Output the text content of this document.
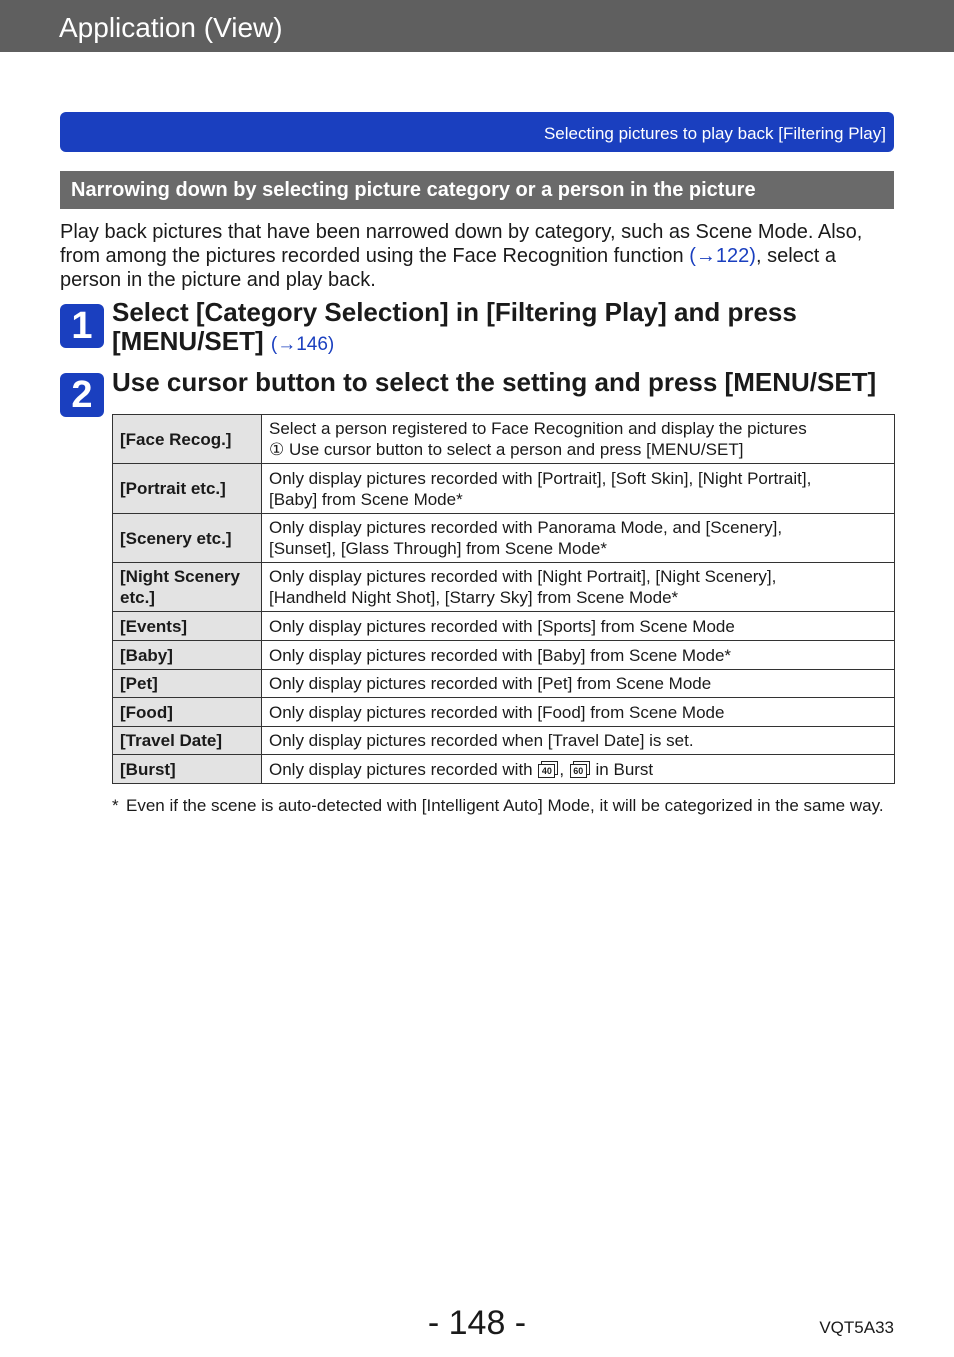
Application (View)
Selecting pictures to play back [Filtering Play]
Narrowing down by selecting picture category or a person in the picture
Play back pictures that have been narrowed down by category, such as Scene Mode. Also, from among the pictures recorded using the Face Recognition function (→122), select a person in the picture and play back.
1 Select [Category Selection] in [Filtering Play] and press [MENU/SET] (→146)
2 Use cursor button to select the setting and press [MENU/SET]
[Face Recog.]	Select a person registered to Face Recognition and display the pictures
① Use cursor button to select a person and press [MENU/SET]
[Portrait etc.]	Only display pictures recorded with [Portrait], [Soft Skin], [Night Portrait],
[Baby] from Scene Mode*
[Scenery etc.]	Only display pictures recorded with Panorama Mode, and [Scenery],
[Sunset], [Glass Through] from Scene Mode*
[Night Scenery etc.]	Only display pictures recorded with [Night Portrait], [Night Scenery],
[Handheld Night Shot], [Starry Sky] from Scene Mode*
[Events]	Only display pictures recorded with [Sports] from Scene Mode
[Baby]	Only display pictures recorded with [Baby] from Scene Mode*
[Pet]	Only display pictures recorded with [Pet] from Scene Mode
[Food]	Only display pictures recorded with [Food] from Scene Mode
[Travel Date]	Only display pictures recorded when [Travel Date] is set.
[Burst]	Only display pictures recorded with 40 , 60 in Burst
* Even if the scene is auto-detected with [Intelligent Auto] Mode, it will be categorized in the same way.
- 148 -	VQT5A33
